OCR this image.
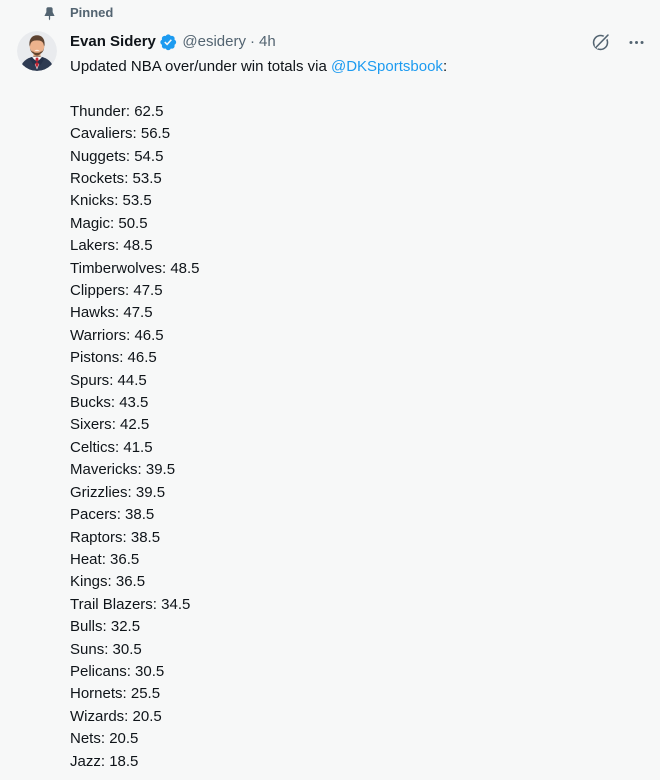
Pinned
Evan Sidery @esidery · 4h
Updated NBA over/under win totals via @DKSportsbook:
Thunder: 62.5
Cavaliers: 56.5
Nuggets: 54.5
Rockets: 53.5
Knicks: 53.5
Magic: 50.5
Lakers: 48.5
Timberwolves: 48.5
Clippers: 47.5
Hawks: 47.5
Warriors: 46.5
Pistons: 46.5
Spurs: 44.5
Bucks: 43.5
Sixers: 42.5
Celtics: 41.5
Mavericks: 39.5
Grizzlies: 39.5
Pacers: 38.5
Raptors: 38.5
Heat: 36.5
Kings: 36.5
Trail Blazers: 34.5
Bulls: 32.5
Suns: 30.5
Pelicans: 30.5
Hornets: 25.5
Wizards: 20.5
Nets: 20.5
Jazz: 18.5
